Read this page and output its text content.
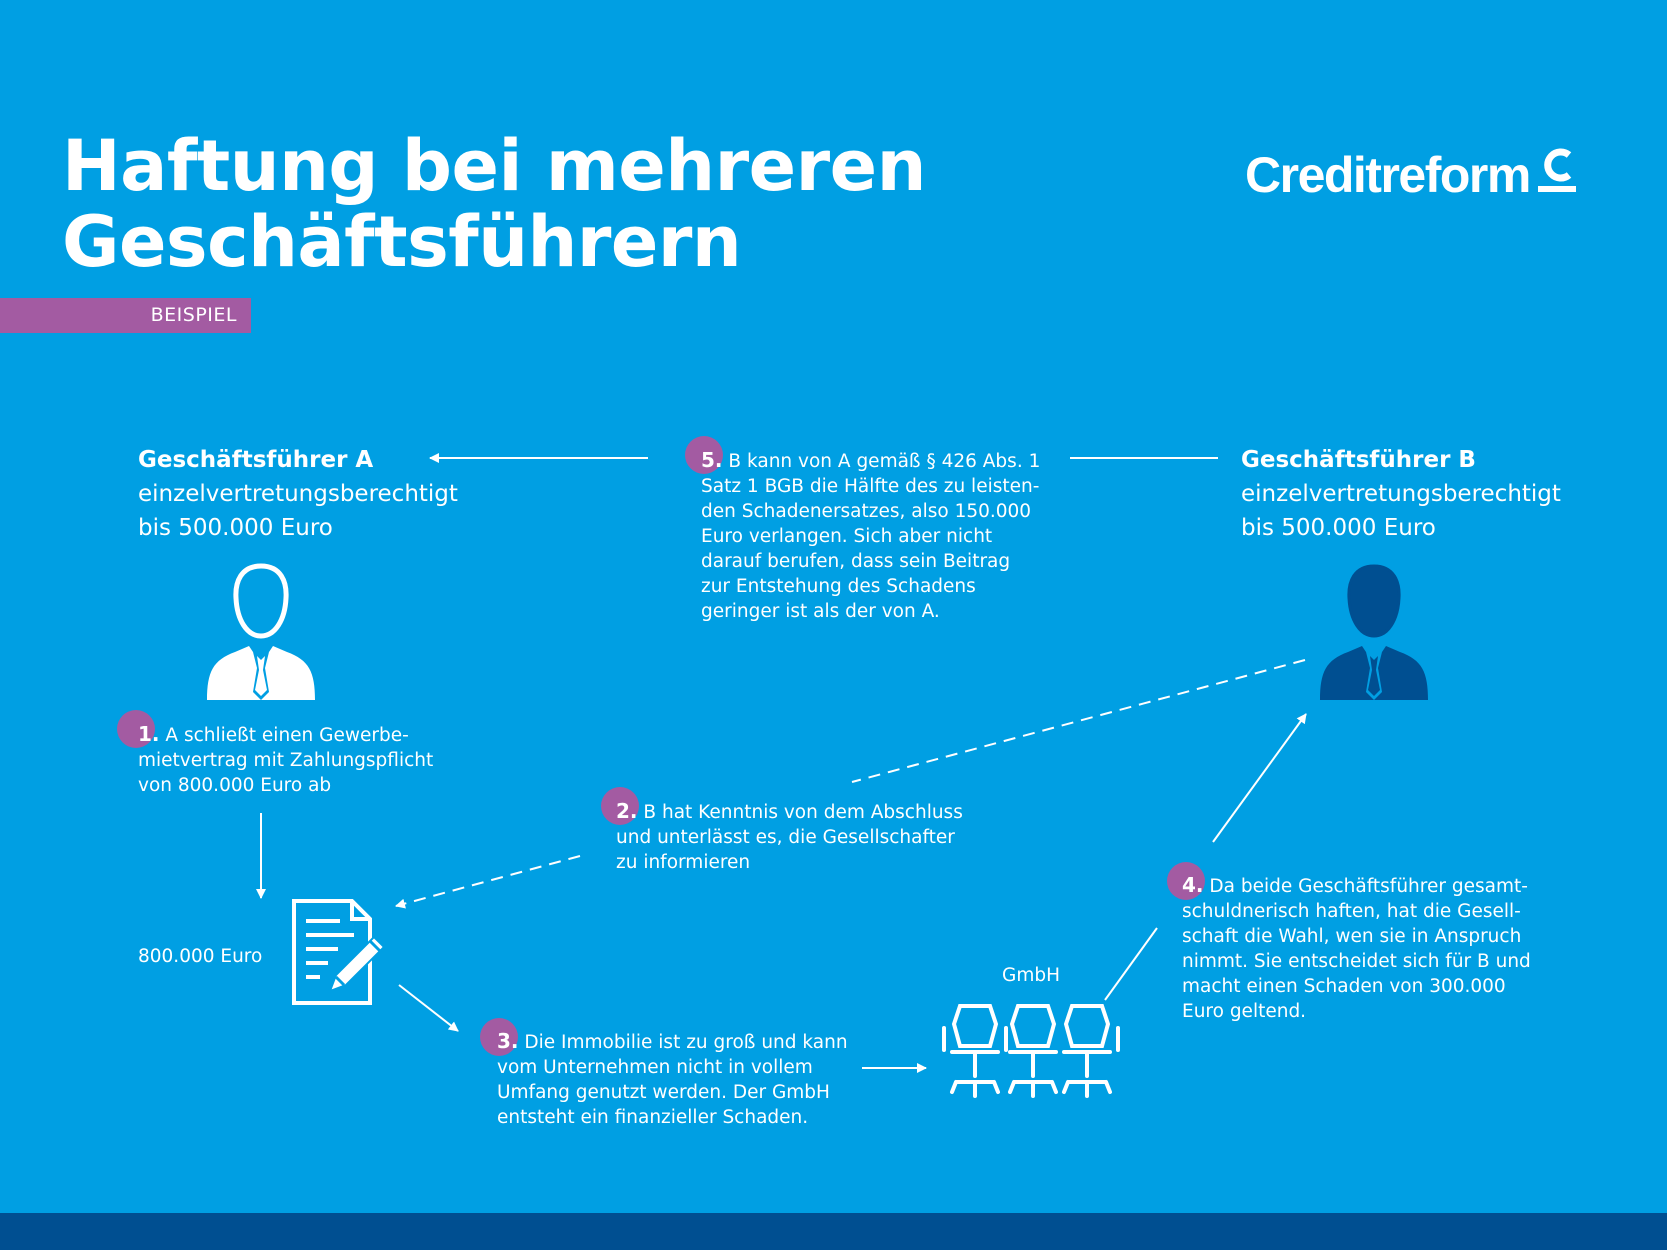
Haftung bei mehreren
Geschäftsführern
Creditreform
BEISPIEL
Geschäftsführer A
einzelvertretungsberechtigt
bis 500.000 Euro
Geschäftsführer B
einzelvertretungsberechtigt
bis 500.000 Euro
5. B kann von A gemäß § 426 Abs. 1
Satz 1 BGB die Hälfte des zu leisten-
den Schadenersatzes, also 150.000
Euro verlangen. Sich aber nicht
darauf berufen, dass sein Beitrag
zur Entstehung des Schadens
geringer ist als der von A.
1. A schließt einen Gewerbe-
mietvertrag mit Zahlungspflicht
von 800.000 Euro ab
2. B hat Kenntnis von dem Abschluss
und unterlässt es, die Gesellschafter
zu informieren
3. Die Immobilie ist zu groß und kann
vom Unternehmen nicht in vollem
Umfang genutzt werden. Der GmbH
entsteht ein finanzieller Schaden.
4. Da beide Geschäftsführer gesamt-
schuldnerisch haften, hat die Gesell-
schaft die Wahl, wen sie in Anspruch
nimmt. Sie entscheidet sich für B und
macht einen Schaden von 300.000
Euro geltend.
800.000 Euro
GmbH
